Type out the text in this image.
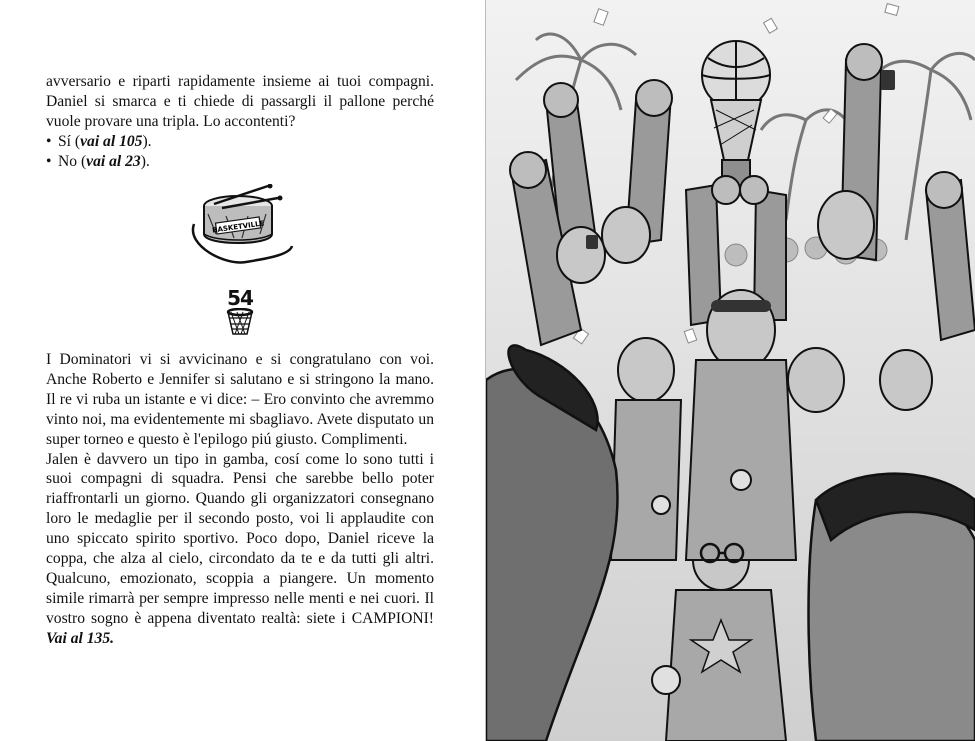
avversario e riparti rapidamente insieme ai tuoi compagni. Daniel si smarca e ti chiede di passargli il pallone perché vuole provare una tripla. Lo accontenti?

• Sí (vai al 105).
• No (vai al 23).
BASKETVILLE
54

I Dominatori vi si avvicinano e si congratulano con voi. Anche Roberto e Jennifer si salutano e si stringono la mano. Il re vi ruba un istante e vi dice: – Ero convinto che avremmo vinto noi, ma evidentemente mi sbagliavo. Avete disputato un super torneo e questo è l'epilogo piú giusto. Complimenti.

Jalen è davvero un tipo in gamba, cosí come lo sono tutti i suoi compagni di squadra. Pensi che sarebbe bello poter riaffrontarli un giorno. Quando gli organizzatori consegnano loro le medaglie per il secondo posto, voi li applaudite con uno spiccato spirito sportivo. Poco dopo, Daniel riceve la coppa, che alza al cielo, circondato da te e da tutti gli altri. Qualcuno, emozionato, scoppia a piangere. Un momento simile rimarrà per sempre impresso nelle menti e nei cuori. Il vostro sogno è appena diventato realtà: siete i CAMPIONI! Vai al 135.
